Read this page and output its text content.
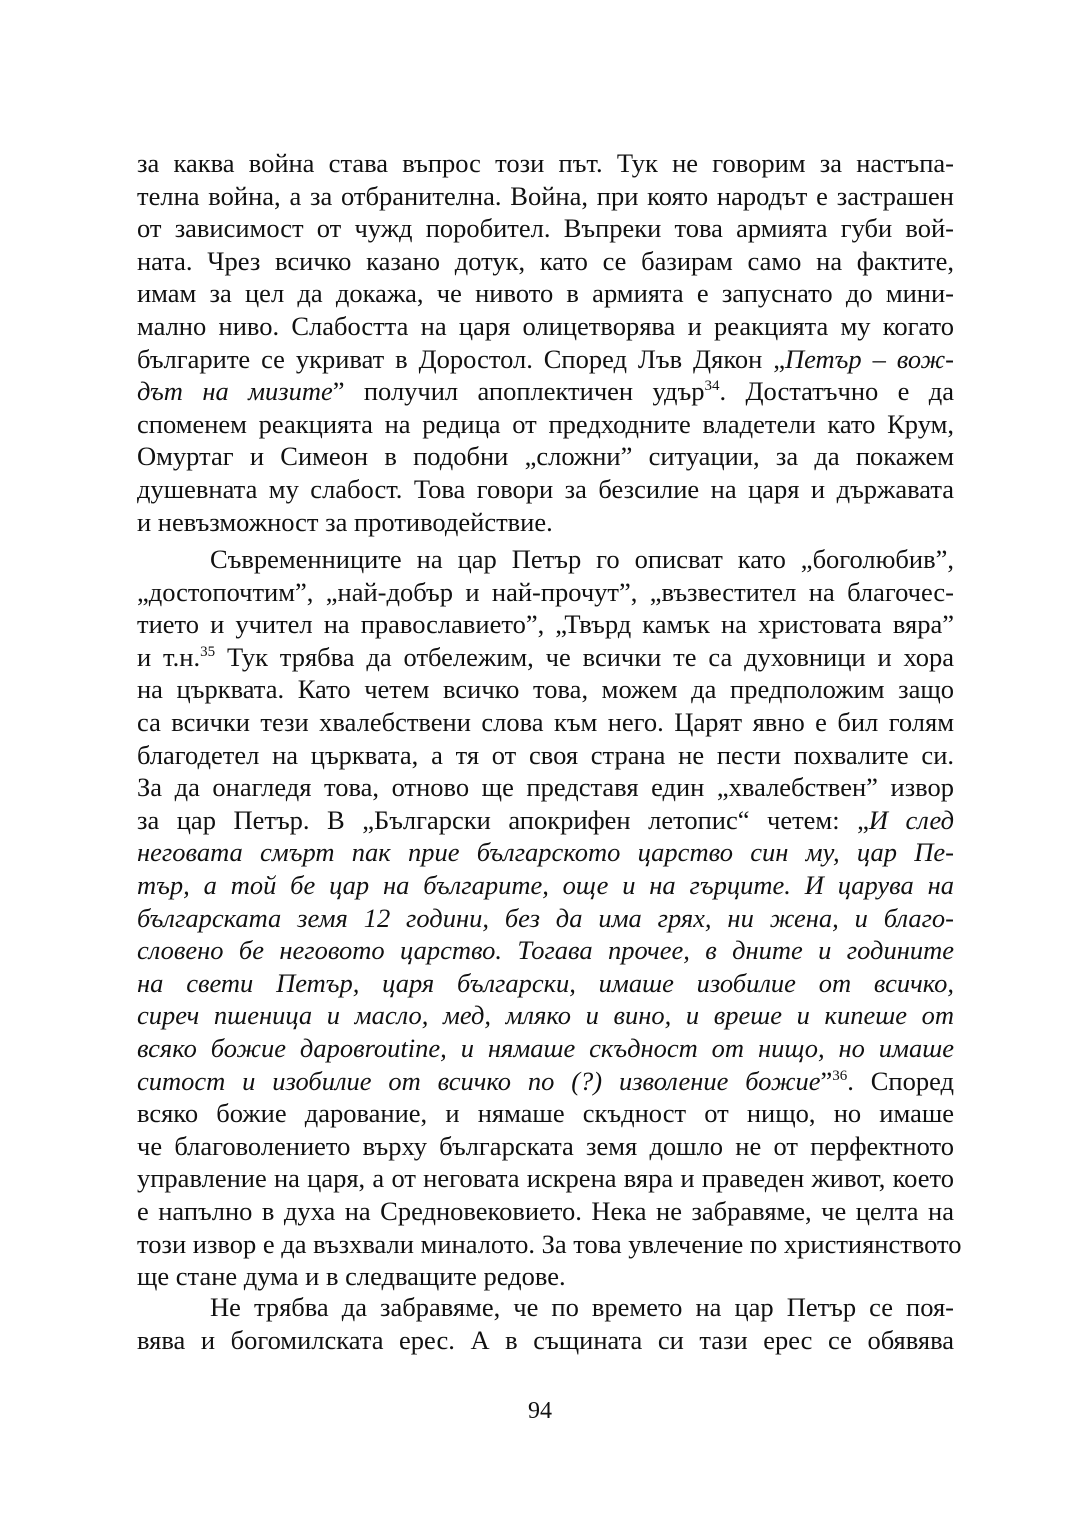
за каква война става въпрос този път. Тук не говорим за настъпа-
телна война, а за отбранителна. Война, при която народът е застрашен
от зависимост от чужд поробител. Въпреки това армията губи вой-
ната. Чрез всичко казано дотук, като се базирам само на фактите,
имам за цел да докажа, че нивото в армията е запуснато до мини-
мално ниво. Слабостта на царя олицетворява и реакцията му когато
българите се укриват в Доростол. Според Лъв Дякон „Петър – вож-
дът на мизите” получил апоплектичен удър$^{34}$. Достатъчно е да
споменем реакцията на редица от предходните владетели като Крум,
Омуртаг и Симеон в подобни „сложни” ситуации, за да покажем
душевната му слабост. Това говори за безсилие на царя и държавата
и невъзможност за противодействие.
Съвременниците на цар Петър го описват като „боголюбив”,
„достопочтим”, „най-добър и най-прочут”, „възвестител на благочес-
тието и учител на православието”, „Твърд камък на христовата вяра”
и т.н.$^{35}$ Тук трябва да отбележим, че всички те са духовници и хора
на църквата. Като четем всичко това, можем да предположим защо
са всички тези хвалебствени слова към него. Царят явно е бил голям
благодетел на църквата, а тя от своя страна не пести похвалите си.
За да онагледя това, отново ще представя един „хвалебствен” извор
за цар Петър. В „Български апокрифен летопис“ четем: „И след
неговата смърт пак прие българското царство син му, цар Пе-
тър, а той бе цар на българите, още и на гърците. И царува на
българската земя 12 години, без да има грях, ни жена, и благо-
словено бе неговото царство. Тогава прочее, в дните и годините
на свети Петър, царя български, имаше изобилие от всичко,
сиреч пшеница и масло, мед, мляко и вино, и вреше и кипеше от
всяко божие даровroutine, и нямаше скъдност от нищо, но имаше
ситост и изобилие от всичко по (?) изволение божие”$^{36}$. Според
всяко божие дарование, и нямаше скъдност от нищо, но имаше
че благоволението върху българската земя дошло не от перфектното
управление на царя, а от неговата искрена вяра и праведен живот, което
е напълно в духа на Средновековието. Нека не забравяме, че целта на
този извор е да възхвали миналото. За това увлечение по християнството
ще стане дума и в следващите редове.
Не трябва да забравяме, че по времето на цар Петър се поя-
вява и богомилската ерес. А в същината си тази ерес се обявява
94
